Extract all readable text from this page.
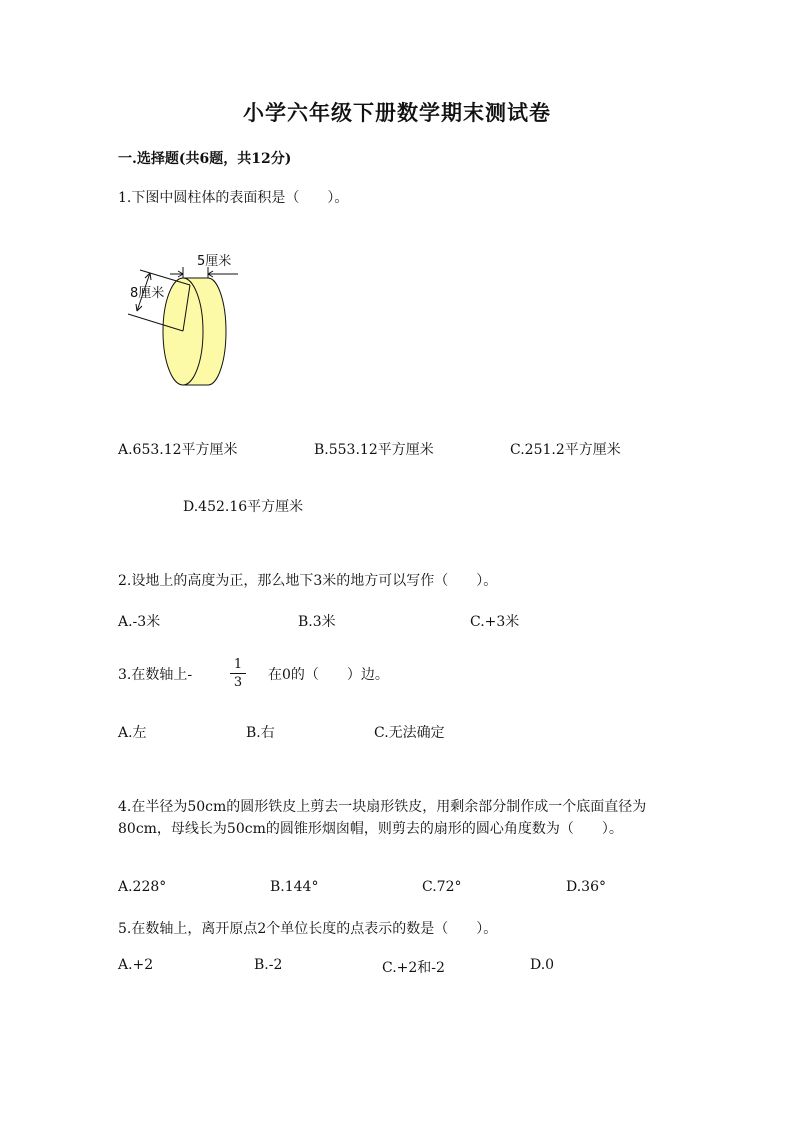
小学六年级下册数学期末测试卷
一.选择题(共6题，共12分)
1.下图中圆柱体的表面积是（　　）。
5厘米
8厘米
A.653.12平方厘米	B.553.12平方厘米	C.251.2平方厘米
D.452.16平方厘米
2.设地上的高度为正，那么地下3米的地方可以写作（　　）。
A.-3米	B.3米	C.+3米
3.在数轴上-
1
3 在0的（　　）边。
A.左	B.右	C.无法确定
4.在半径为50cm的圆形铁皮上剪去一块扇形铁皮，用剩余部分制作成一个底面直径为80cm，母线长为50cm的圆锥形烟囱帽，则剪去的扇形的圆心角度数为（　　）。
A.228°	B.144°	C.72°	D.36°
5.在数轴上，离开原点2个单位长度的点表示的数是（　　）。
A.+2	B.-2	C.+2和-2	D.0
